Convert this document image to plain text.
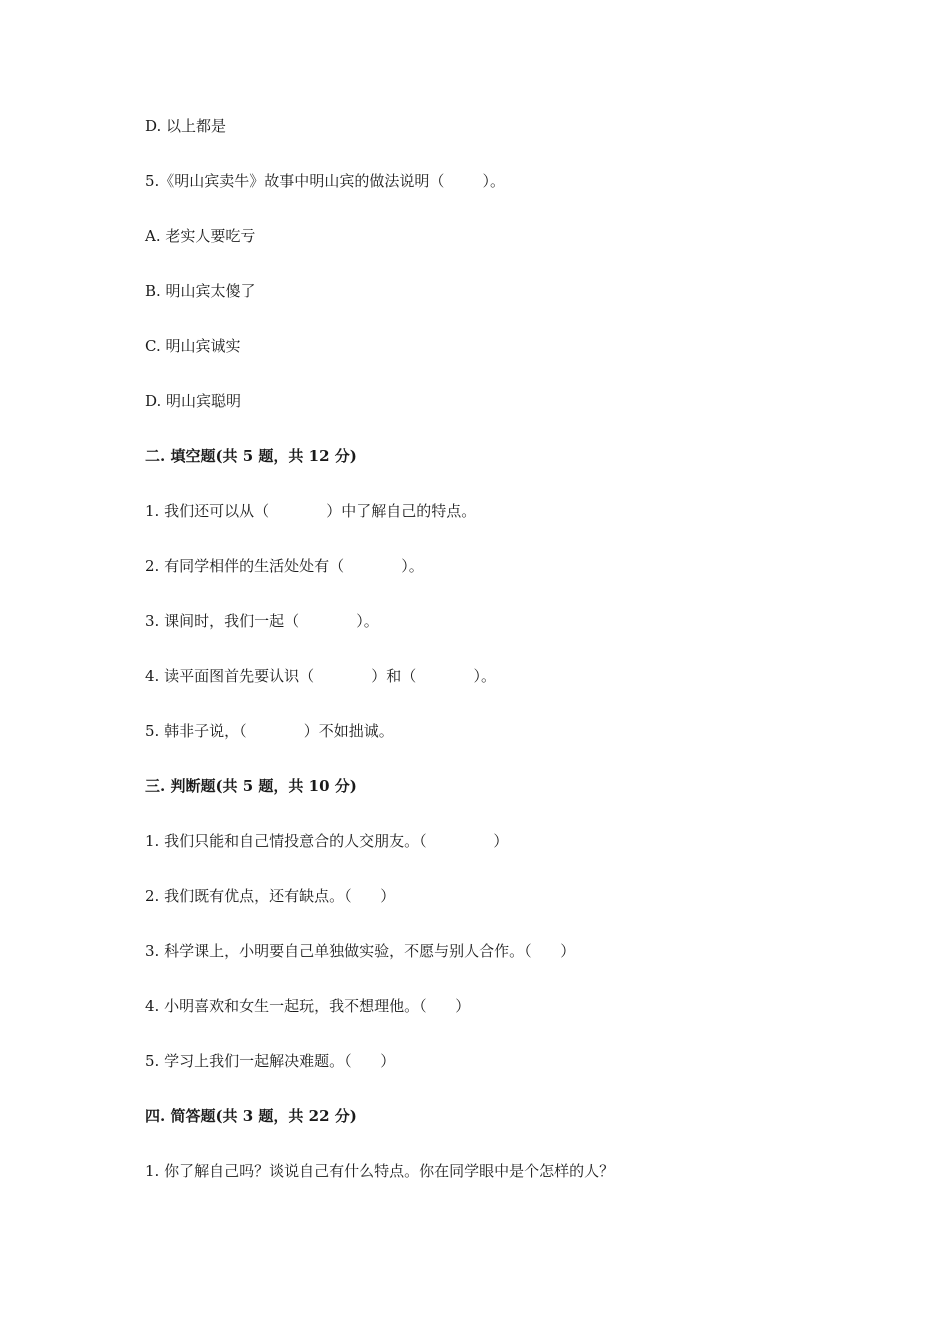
D. 以上都是
5.《明山宾卖牛》故事中明山宾的做法说明（        ）。
A. 老实人要吃亏
B. 明山宾太傻了
C. 明山宾诚实
D. 明山宾聪明
二. 填空题(共 5 题，共 12 分)
1. 我们还可以从（            ）中了解自己的特点。
2. 有同学相伴的生活处处有（            ）。
3. 课间时，我们一起（            ）。
4. 读平面图首先要认识（            ）和（            ）。
5. 韩非子说，（            ）不如拙诚。
三. 判断题(共 5 题，共 10 分)
1. 我们只能和自己情投意合的人交朋友。（              ）
2. 我们既有优点，还有缺点。（      ）
3. 科学课上，小明要自己单独做实验，不愿与别人合作。（      ）
4. 小明喜欢和女生一起玩，我不想理他。（      ）
5. 学习上我们一起解决难题。（      ）
四. 简答题(共 3 题，共 22 分)
1. 你了解自己吗？谈说自己有什么特点。你在同学眼中是个怎样的人？
